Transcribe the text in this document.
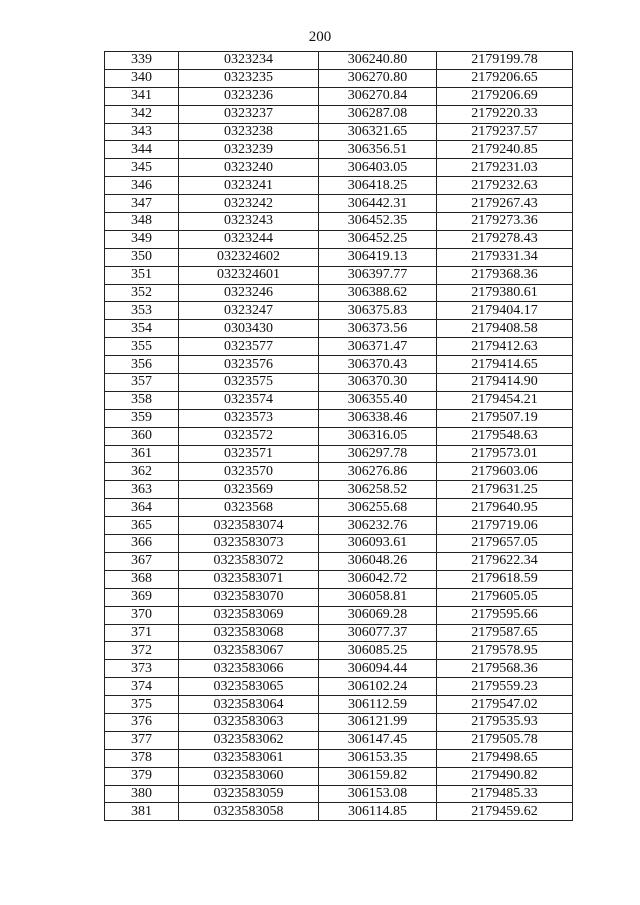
200
339	0323234	306240.80	2179199.78
340	0323235	306270.80	2179206.65
341	0323236	306270.84	2179206.69
342	0323237	306287.08	2179220.33
343	0323238	306321.65	2179237.57
344	0323239	306356.51	2179240.85
345	0323240	306403.05	2179231.03
346	0323241	306418.25	2179232.63
347	0323242	306442.31	2179267.43
348	0323243	306452.35	2179273.36
349	0323244	306452.25	2179278.43
350	032324602	306419.13	2179331.34
351	032324601	306397.77	2179368.36
352	0323246	306388.62	2179380.61
353	0323247	306375.83	2179404.17
354	0303430	306373.56	2179408.58
355	0323577	306371.47	2179412.63
356	0323576	306370.43	2179414.65
357	0323575	306370.30	2179414.90
358	0323574	306355.40	2179454.21
359	0323573	306338.46	2179507.19
360	0323572	306316.05	2179548.63
361	0323571	306297.78	2179573.01
362	0323570	306276.86	2179603.06
363	0323569	306258.52	2179631.25
364	0323568	306255.68	2179640.95
365	0323583074	306232.76	2179719.06
366	0323583073	306093.61	2179657.05
367	0323583072	306048.26	2179622.34
368	0323583071	306042.72	2179618.59
369	0323583070	306058.81	2179605.05
370	0323583069	306069.28	2179595.66
371	0323583068	306077.37	2179587.65
372	0323583067	306085.25	2179578.95
373	0323583066	306094.44	2179568.36
374	0323583065	306102.24	2179559.23
375	0323583064	306112.59	2179547.02
376	0323583063	306121.99	2179535.93
377	0323583062	306147.45	2179505.78
378	0323583061	306153.35	2179498.65
379	0323583060	306159.82	2179490.82
380	0323583059	306153.08	2179485.33
381	0323583058	306114.85	2179459.62
